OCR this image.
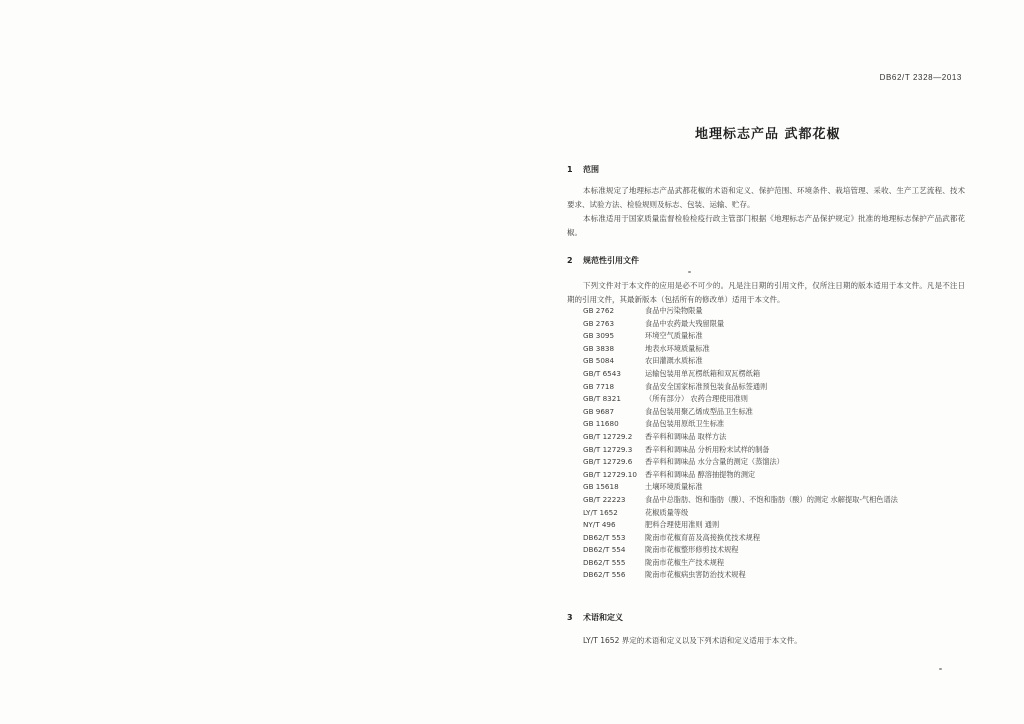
DB62/T 2328—2013
地理标志产品 武都花椒
1 范围
本标准规定了地理标志产品武都花椒的术语和定义、保护范围、环境条件、栽培管理、采收、生产工艺流程、技术要求、试验方法、检验规则及标志、包装、运输、贮存。
本标准适用于国家质量监督检验检疫行政主管部门根据《地理标志产品保护规定》批准的地理标志保护产品武都花椒。
2 规范性引用文件
下列文件对于本文件的应用是必不可少的。凡是注日期的引用文件，仅所注日期的版本适用于本文件。凡是不注日期的引用文件，其最新版本（包括所有的修改单）适用于本文件。
GB 2762	食品中污染物限量
GB 2763	食品中农药最大残留限量
GB 3095	环境空气质量标准
GB 3838	地表水环境质量标准
GB 5084	农田灌溉水质标准
GB/T 6543	运输包装用单瓦楞纸箱和双瓦楞纸箱
GB 7718	食品安全国家标准预包装食品标签通则
GB/T 8321	（所有部分） 农药合理使用准则
GB 9687	食品包装用聚乙烯成型品卫生标准
GB 11680	食品包装用原纸卫生标准
GB/T 12729.2 香辛料和调味品 取样方法
GB/T 12729.3 香辛料和调味品 分析用粉末试样的制备
GB/T 12729.6 香辛料和调味品 水分含量的测定（蒸馏法）
GB/T 12729.10 香辛料和调味品 醇溶抽提物的测定
GB 15618	土壤环境质量标准
GB/T 22223	食品中总脂肪、饱和脂肪（酸）、不饱和脂肪（酸）的测定 水解提取-气相色谱法
LY/T 1652	花椒质量等级
NY/T 496	肥料合理使用准则 通则
DB62/T 553	陇南市花椒育苗及高接换优技术规程
DB62/T 554	陇南市花椒整形修剪技术规程
DB62/T 555	陇南市花椒生产技术规程
DB62/T 556	陇南市花椒病虫害防治技术规程
3 术语和定义
LY/T 1652 界定的术语和定义以及下列术语和定义适用于本文件。
